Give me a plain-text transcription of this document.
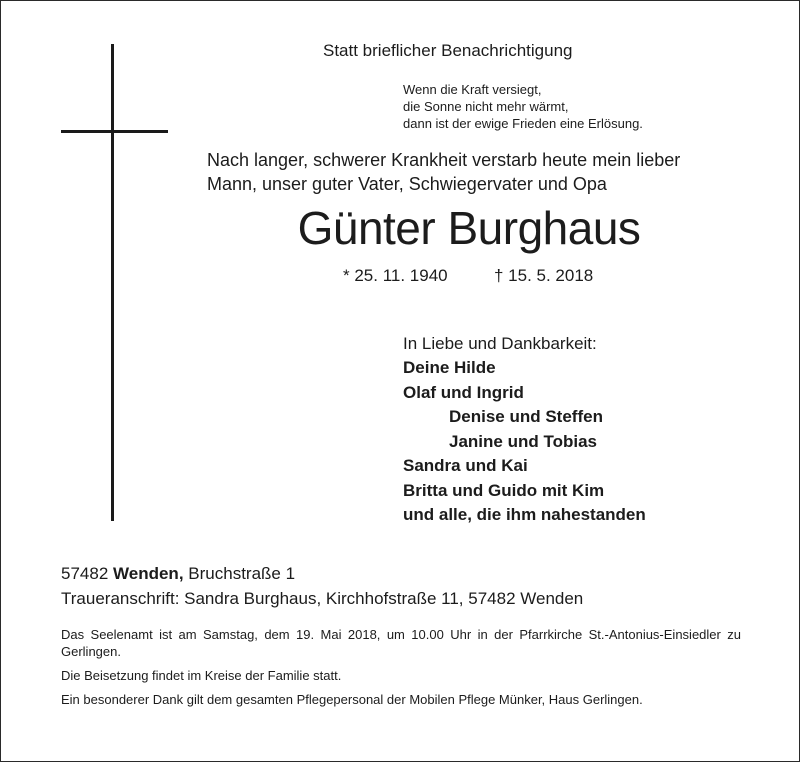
Statt brieflicher Benachrichtigung
Wenn die Kraft versiegt,
die Sonne nicht mehr wärmt,
dann ist der ewige Frieden eine Erlösung.
Nach langer, schwerer Krankheit verstarb heute mein lieber
Mann, unser guter Vater, Schwiegervater und Opa
Günter Burghaus
* 25. 11. 1940	† 15. 5. 2018
In Liebe und Dankbarkeit:
Deine Hilde
Olaf und Ingrid
Denise und Steffen
Janine und Tobias
Sandra und Kai
Britta und Guido mit Kim
und alle, die ihm nahestanden
57482 Wenden, Bruchstraße 1
Traueranschrift: Sandra Burghaus, Kirchhofstraße 11, 57482 Wenden
Das Seelenamt ist am Samstag, dem 19. Mai 2018, um 10.00 Uhr in der Pfarrkirche St.-Antonius-Einsiedler zu Gerlingen.
Die Beisetzung findet im Kreise der Familie statt.
Ein besonderer Dank gilt dem gesamten Pflegepersonal der Mobilen Pflege Münker, Haus Gerlingen.
